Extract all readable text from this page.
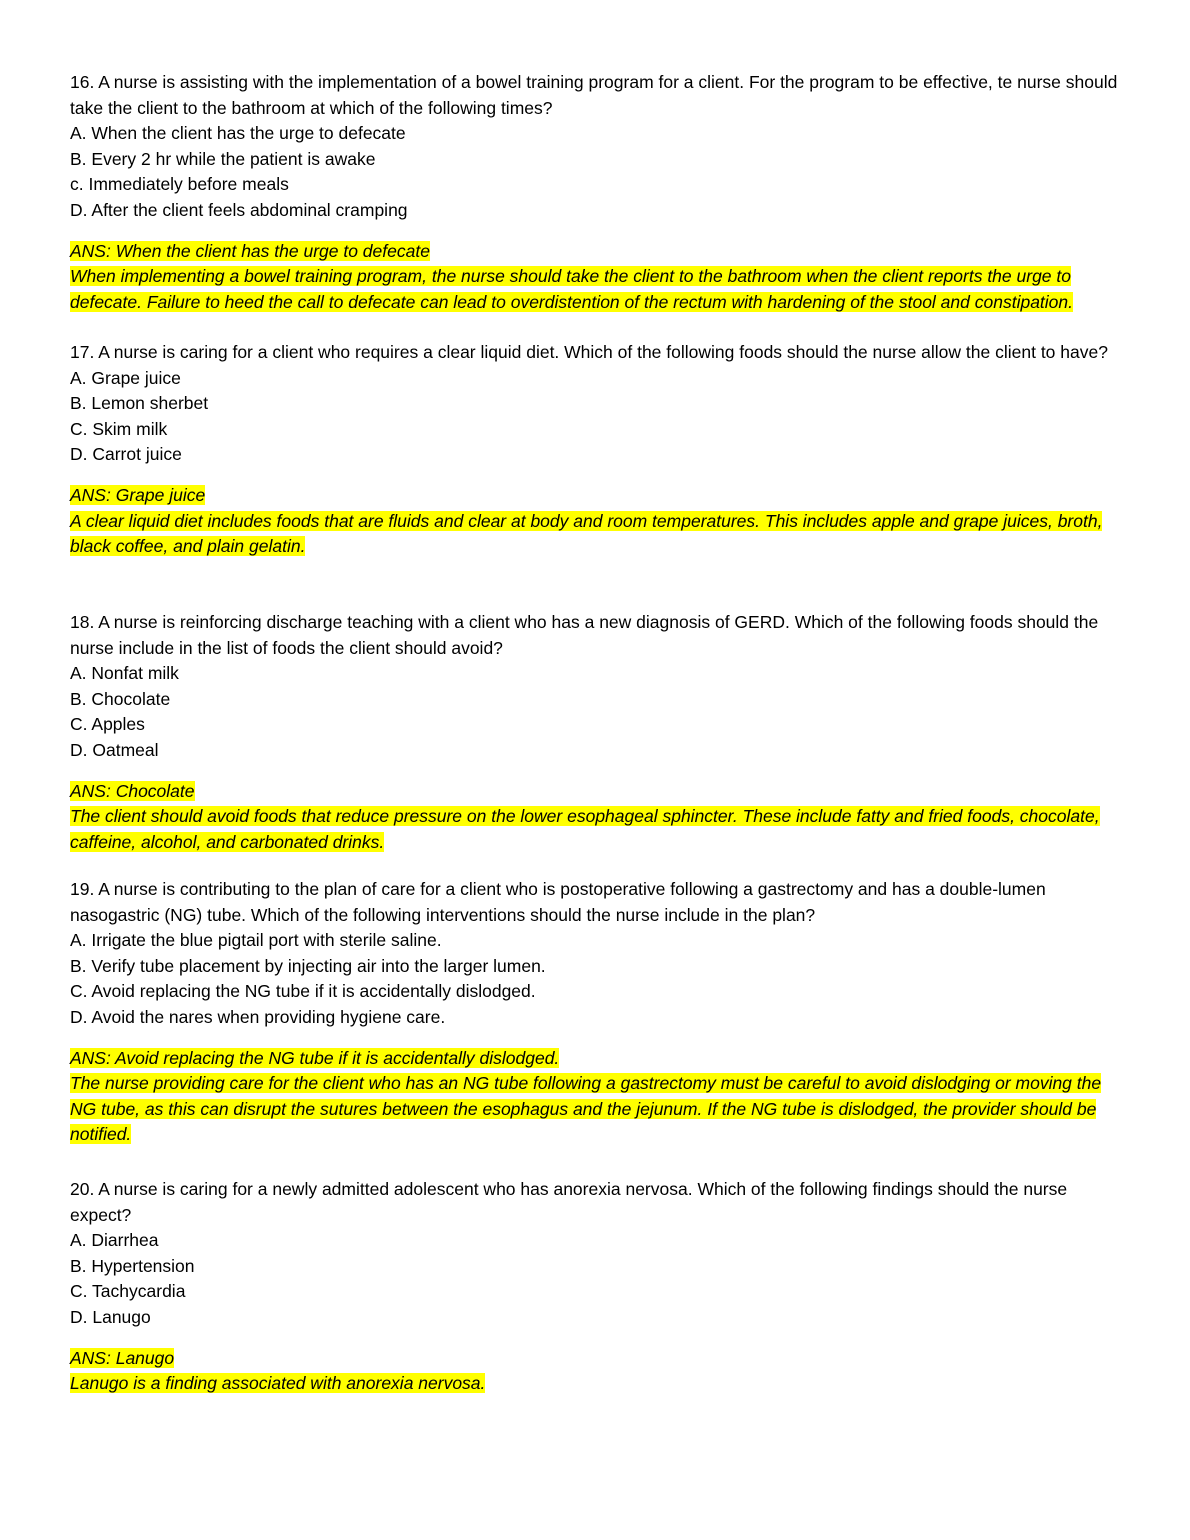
16. A nurse is assisting with the implementation of a bowel training program for a client. For the program to be effective, te nurse should take the client to the bathroom at which of the following times?

A. When the client has the urge to defecate

B. Every 2 hr while the patient is awake

c. Immediately before meals

D. After the client feels abdominal cramping

ANS: When the client has the urge to defecate

When implementing a bowel training program, the nurse should take the client to the bathroom when the client reports the urge to defecate. Failure to heed the call to defecate can lead to overdistention of the rectum with hardening of the stool and constipation.

17. A nurse is caring for a client who requires a clear liquid diet. Which of the following foods should the nurse allow the client to have?

A. Grape juice

B. Lemon sherbet

C. Skim milk

D. Carrot juice

ANS: Grape juice

A clear liquid diet includes foods that are fluids and clear at body and room temperatures. This includes apple and grape juices, broth, black coffee, and plain gelatin.

18. A nurse is reinforcing discharge teaching with a client who has a new diagnosis of GERD. Which of the following foods should the nurse include in the list of foods the client should avoid?

A. Nonfat milk

B. Chocolate

C. Apples

D. Oatmeal

ANS: Chocolate

The client should avoid foods that reduce pressure on the lower esophageal sphincter. These include fatty and fried foods, chocolate, caffeine, alcohol, and carbonated drinks.

19. A nurse is contributing to the plan of care for a client who is postoperative following a gastrectomy and has a double-lumen nasogastric (NG) tube. Which of the following interventions should the nurse include in the plan?

A. Irrigate the blue pigtail port with sterile saline.

B. Verify tube placement by injecting air into the larger lumen.

C. Avoid replacing the NG tube if it is accidentally dislodged.

D. Avoid the nares when providing hygiene care.

ANS: Avoid replacing the NG tube if it is accidentally dislodged.

The nurse providing care for the client who has an NG tube following a gastrectomy must be careful to avoid dislodging or moving the NG tube, as this can disrupt the sutures between the esophagus and the jejunum. If the NG tube is dislodged, the provider should be notified.

20. A nurse is caring for a newly admitted adolescent who has anorexia nervosa. Which of the following findings should the nurse expect?

A. Diarrhea

B. Hypertension

C. Tachycardia

D. Lanugo

ANS: Lanugo

Lanugo is a finding associated with anorexia nervosa.
